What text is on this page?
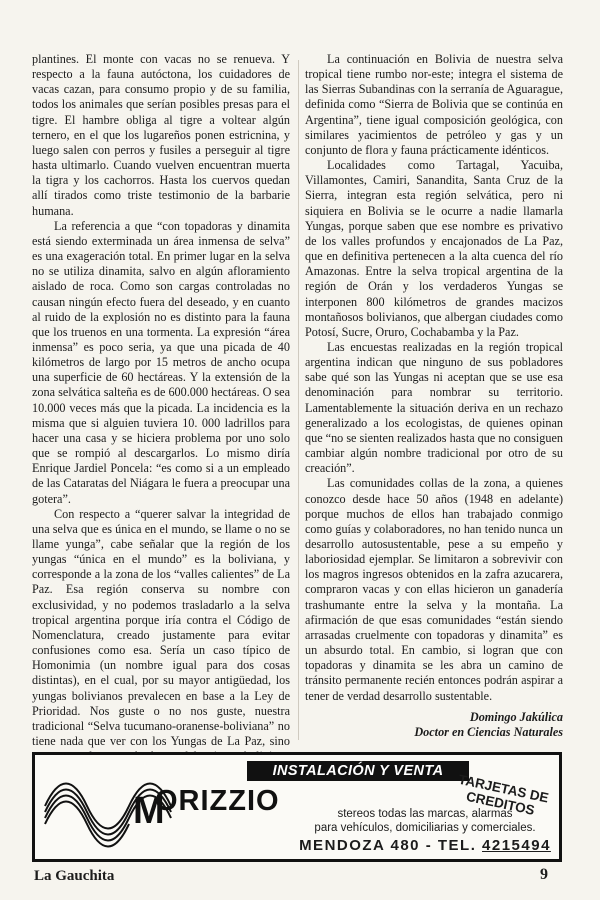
plantines. El monte con vacas no se renueva. Y respecto a la fauna autóctona, los cuidadores de vacas cazan, para consumo propio y de su familia, todos los animales que serían posibles presas para el tigre. El hambre obliga al tigre a voltear algún ternero, en el que los lugareños ponen estricnina, y luego salen con perros y fusiles a perseguir al tigre hasta ultimarlo. Cuando vuelven encuentran muerta la tigra y los cachorros. Hasta los cuervos quedan allí tirados como triste testimonio de la barbarie humana.

La referencia a que “con topadoras y dinamita está siendo exterminada un área inmensa de selva” es una exageración total. En primer lugar en la selva no se utiliza dinamita, salvo en algún afloramiento aislado de roca. Como son cargas controladas no causan ningún efecto fuera del deseado, y en cuanto al ruido de la explosión no es distinto para la fauna que los truenos en una tormenta. La expresión “área inmensa” es poco seria, ya que una picada de 40 kilómetros de largo por 15 metros de ancho ocupa una superficie de 60 hectáreas. Y la extensión de la zona selvática salteña es de 600.000 hectáreas. O sea 10.000 veces más que la picada. La incidencia es la misma que si alguien tuviera 10. 000 ladrillos para hacer una casa y se hiciera problema por uno solo que se rompió al descargarlos. Lo mismo diría Enrique Jardiel Poncela: “es como si a un empleado de las Cataratas del Niágara le fuera a preocupar una gotera”.

Con respecto a “querer salvar la integridad de una selva que es única en el mundo, se llame o no se llame yunga”, cabe señalar que la región de los yungas “única en el mundo” es la boliviana, y corresponde a la zona de los “valles calientes” de La Paz. Esa región conserva su nombre con exclusividad, y no podemos trasladarlo a la selva tropical argentina porque iría contra el Código de Nomenclatura, creado justamente para evitar confusiones como esa. Sería un caso típico de Homonimia (un nombre igual para dos cosas distintas), en el cual, por su mayor antigüedad, los yungas bolivianos prevalecen en base a la Ley de Prioridad. Nos guste o no nos guste, nuestra tradicional “Selva tucumano-oranense-boliviana” no tiene nada que ver con los Yungas de La Paz, sino

La continuación en Bolivia de nuestra selva tropical tiene rumbo nor-este; integra el sistema de las Sierras Subandinas con la serranía de Aguarague, definida como “Sierra de Bolivia que se continúa en Argentina”, tiene igual composición geológica, con similares yacimientos de petróleo y gas y un conjunto de flora y fauna prácticamente idénticos.

Localidades como Tartagal, Yacuiba, Villamontes, Camiri, Sanandita, Santa Cruz de la Sierra, integran esta región selvática, pero ni siquiera en Bolivia se le ocurre a nadie llamarla Yungas, porque saben que ese nombre es privativo de los valles profundos y encajonados de La Paz, que en definitiva pertenecen a la alta cuenca del río Amazonas. Entre la selva tropical argentina de la región de Orán y los verdaderos Yungas se interponen 800 kilómetros de grandes macizos montañosos bolivianos, que albergan ciudades como Potosí, Sucre, Oruro, Cochabamba y la Paz.

Las encuestas realizadas en la región tropical argentina indican que ninguno de sus pobladores sabe qué son las Yungas ni aceptan que se use esa denominación para nombrar su territorio. Lamentablemente la situación deriva en un rechazo generalizado a los ecologistas, de quienes opinan que “no se sienten realizados hasta que no consiguen cambiar algún nombre tradicional por otro de su creación”.

Las comunidades collas de la zona, a quienes conozco desde hace 50 años (1948 en adelante) porque muchos de ellos han trabajado conmigo como guías y colaboradores, no han tenido nunca un desarrollo autosustentable, pese a su empeño y laboriosidad ejemplar. Se limitaron a sobrevivir con los magros ingresos obtenidos en la zafra azucarera, compraron vacas y con ellas hicieron un ganadería trashumante entre la selva y la montaña. La afirmación de que esas comunidades “están siendo arrasadas cruelmente con topadoras y dinamita” es un absurdo total. En cambio, si logran que con topadoras y dinamita se les abra un camino de tránsito permanente recién entonces podrán aspirar a tener de verdad desarrollo sustentable.

Domingo Jakúlica

Doctor en Ciencias Naturales

INSTALACIÓN Y VENTA
M
ORIZZIO	TARJETAS DE CREDITOS
stereos todas las marcas, alarmas
para vehículos, domiciliarias y comerciales.
MENDOZA 480 - TEL. 4215494
La Gauchita	9
